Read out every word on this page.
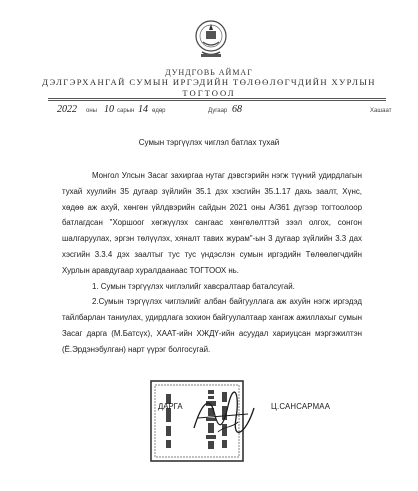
ДУНДГОВЬ АЙМАГ
ДЭЛГЭРХАНГАЙ СУМЫН ИРГЭДИЙН ТӨЛӨӨЛӨГЧДИЙН ХУРЛЫН
ТОГТООЛ
2022 оны 10 сарын 14 өдөр	Дугаар 68	Хашаат
Сумын тэргүүлэх чиглэл батлах тухай

Монгол Улсын Засаг захиргаа нутаг дэвсгэрийн нэгж түүний удирдлагын тухай хуулийн 35 дугаар зүйлийн 35.1 дэх хэсгийн 35.1.17 дахь заалт, Хүнс, хөдөө аж ахуй, хөнгөн үйлдвэрийн сайдын 2021 оны А/361 дүгээр тогтоолоор батлагдсан "Хоршоог хөгжүүлэх сангаас хөнгөлөлттэй зээл олгох, сонгон шалгаруулах, эргэн төлүүлэх, хяналт тавих журам"-ын 3 дугаар зүйлийн 3.3 дах хэсгийн 3.3.4 дэх заалтыг тус тус үндэслэн сумын иргэдийн Төлөөлөгчдийн Хурлын аравдугаар хуралдаанаас ТОГТООХ нь.

1. Сумын тэргүүлэх чиглэлийг хавсралтаар баталсугай.

2.Сумын тэргүүлэх чиглэлийг албан байгууллага аж ахуйн нэгж иргэдэд тайлбарлан таниулах, удирдлага зохион байгуулалтаар хангаж ажиллахыг сумын Засаг дарга (М.Батсүх), ХААТ-ийн ХЖДҮ-ийн асуудал хариуцсан мэргэжилтэн (Ё.Эрдэнэбулган) нарт үүрэг болгосугай.

ДАРГА	Ц.САНСАРМАА
